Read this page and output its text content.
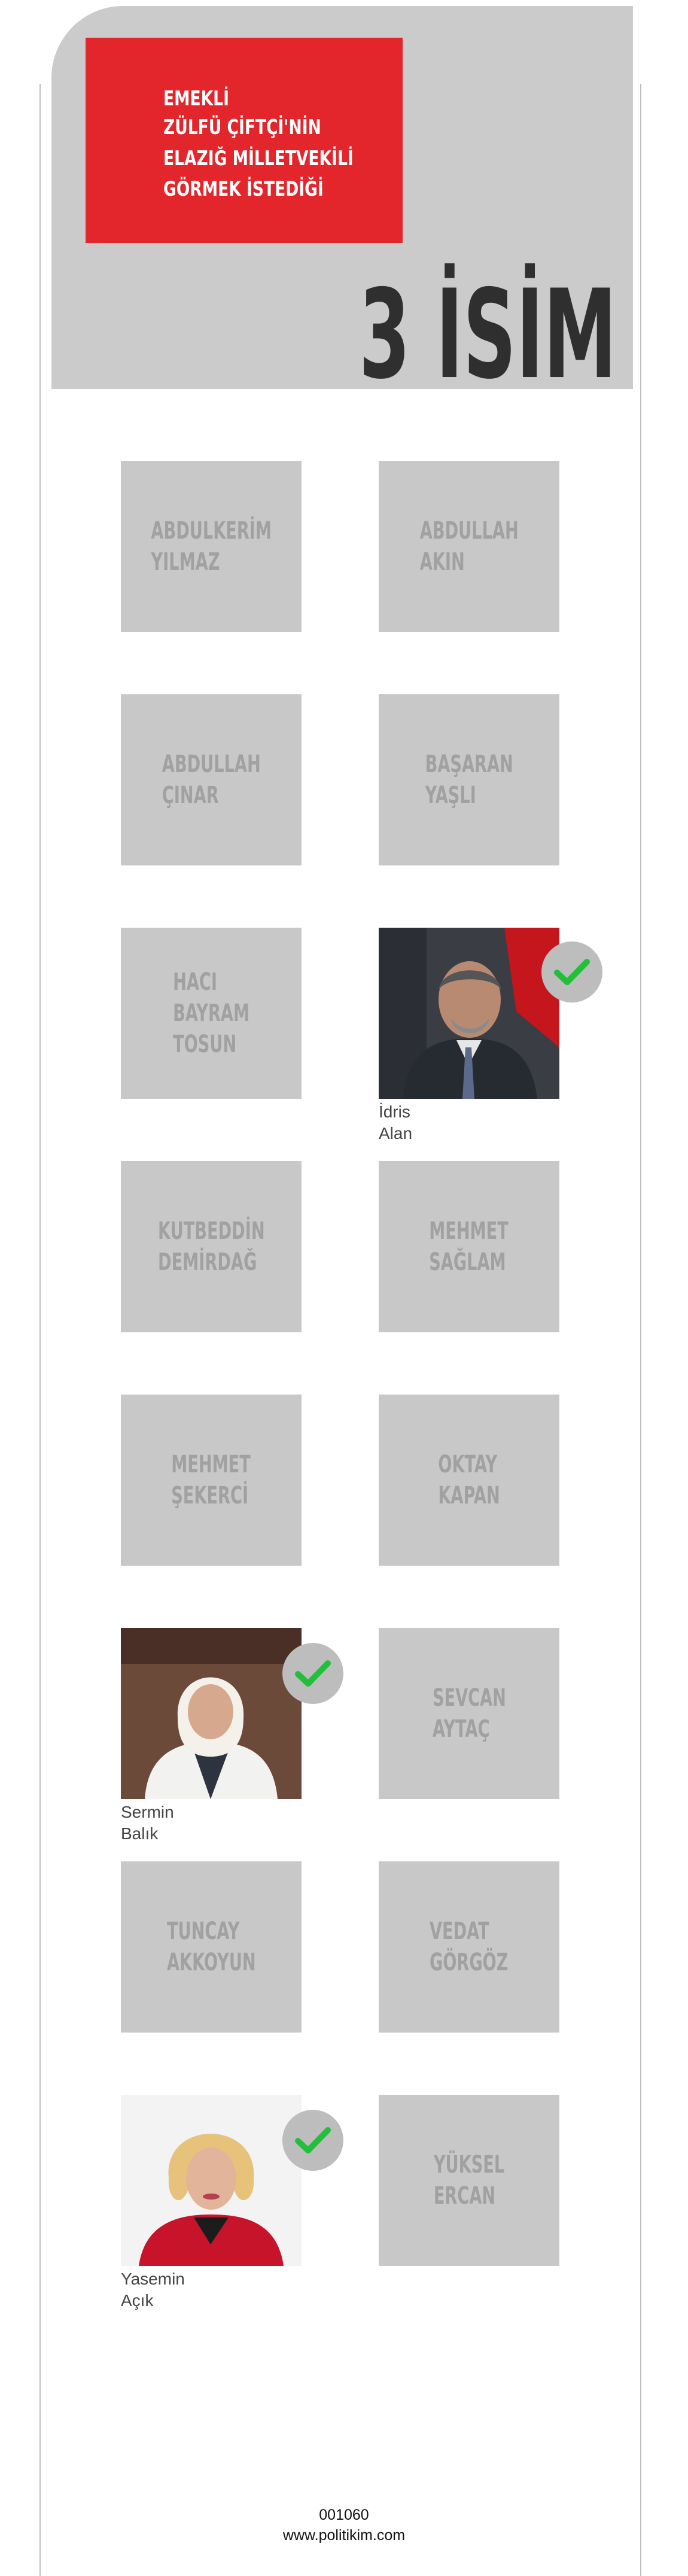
EMEKLİ
ZÜLFÜ ÇİFTÇİ'NİN
ELAZIĞ MİLLETVEKİLİ
GÖRMEK İSTEDİĞİ
3 İSİM
ABDULKERİM
YILMAZ
ABDULLAH
AKIN
ABDULLAH
ÇINAR
BAŞARAN
YAŞLI
HACI
BAYRAM
TOSUN
İdris
Alan
KUTBEDDİN
DEMİRDAĞ
MEHMET
SAĞLAM
MEHMET
ŞEKERCİ
OKTAY
KAPAN
Sermin
Balık
SEVCAN
AYTAÇ
TUNCAY
AKKOYUN
VEDAT
GÖRGÖZ
Yasemin
Açık
YÜKSEL
ERCAN
001060
www.politikim.com
